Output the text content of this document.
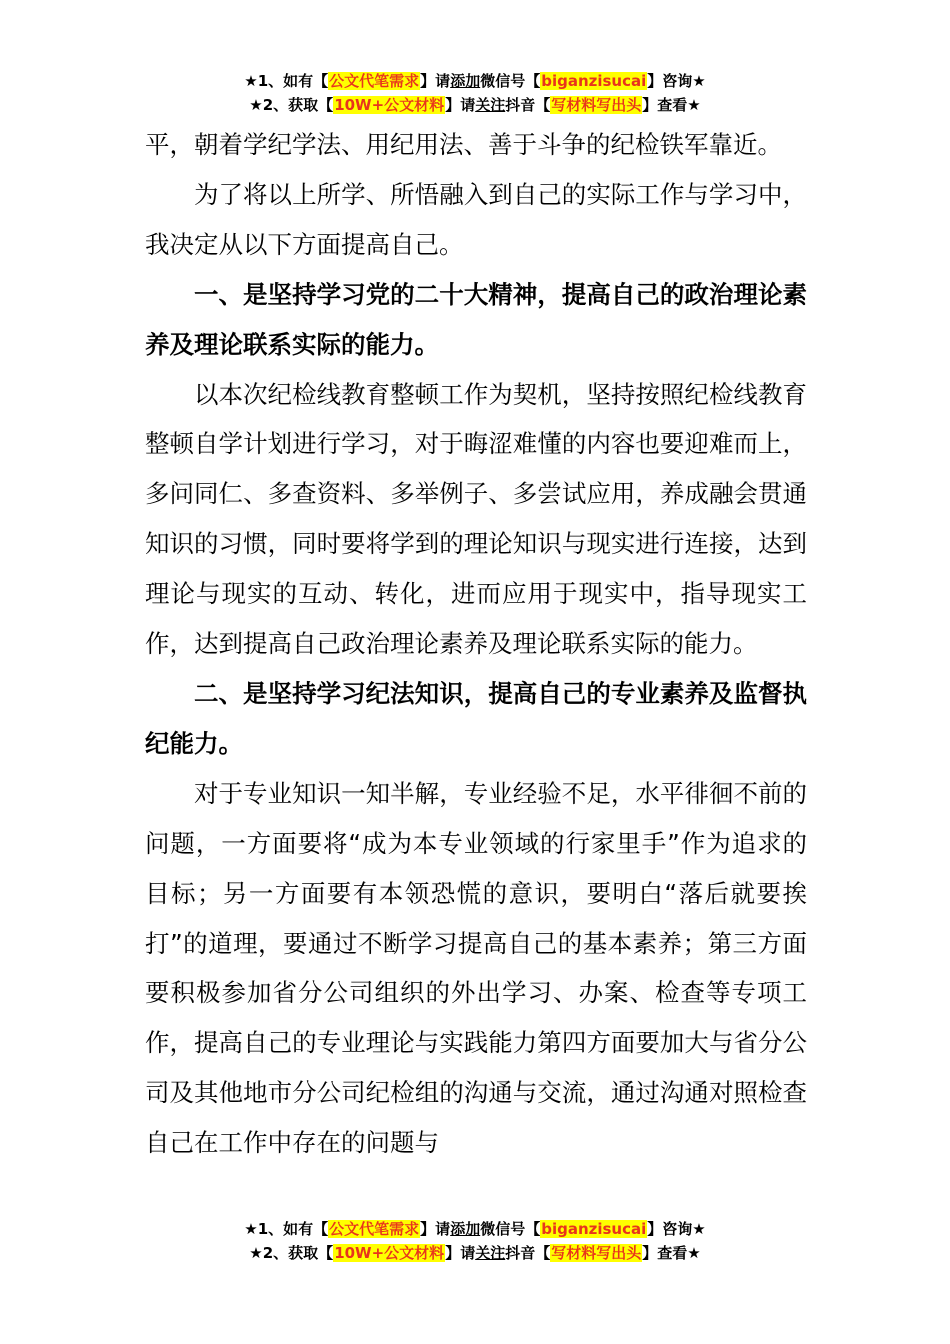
★1、如有【公文代笔需求】请添加微信号【biganzisucai】咨询★
★2、获取【10W+公文材料】请关注抖音【写材料写出头】查看★

平，朝着学纪学法、用纪用法、善于斗争的纪检铁军靠近。

为了将以上所学、所悟融入到自己的实际工作与学习中，我决定从以下方面提高自己。

一、是坚持学习党的二十大精神，提高自己的政治理论素养及理论联系实际的能力。

以本次纪检线教育整顿工作为契机，坚持按照纪检线教育整顿自学计划进行学习，对于晦涩难懂的内容也要迎难而上，多问同仁、多查资料、多举例子、多尝试应用，养成融会贯通知识的习惯，同时要将学到的理论知识与现实进行连接，达到理论与现实的互动、转化，进而应用于现实中，指导现实工作，达到提高自己政治理论素养及理论联系实际的能力。

二、是坚持学习纪法知识，提高自己的专业素养及监督执纪能力。

对于专业知识一知半解，专业经验不足，水平徘徊不前的问题，一方面要将“成为本专业领域的行家里手”作为追求的目标；另一方面要有本领恐慌的意识，要明白“落后就要挨打”的道理，要通过不断学习提高自己的基本素养；第三方面要积极参加省分公司组织的外出学习、办案、检查等专项工作，提高自己的专业理论与实践能力第四方面要加大与省分公司及其他地市分公司纪检组的沟通与交流，通过沟通对照检查自己在工作中存在的问题与

★1、如有【公文代笔需求】请添加微信号【biganzisucai】咨询★
★2、获取【10W+公文材料】请关注抖音【写材料写出头】查看★
